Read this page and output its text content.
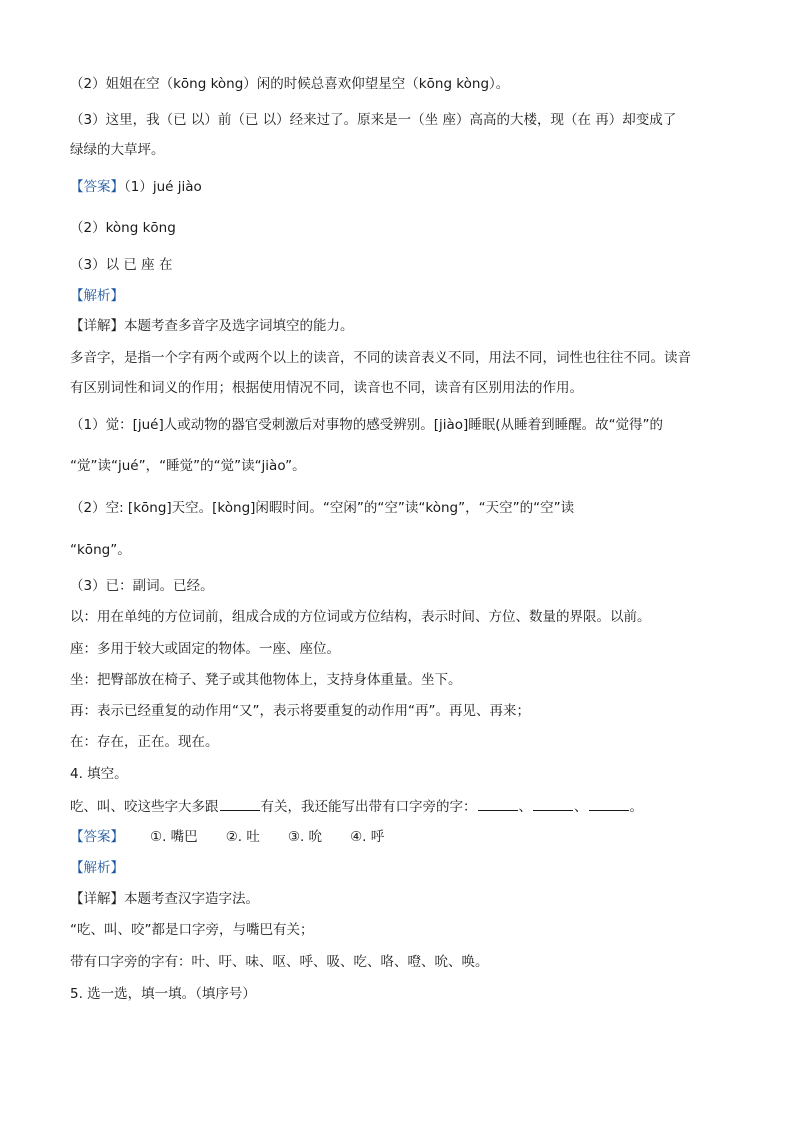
（2）姐姐在空（kōng kòng）闲的时候总喜欢仰望星空（kōng kòng）。
（3）这里，我（已 以）前（已 以）经来过了。原来是一（坐 座）高高的大楼，现（在 再）却变成了
绿绿的大草坪。
【答案】（1）jué jiào
（2）kòng kōng
（3）以 已 座 在
【解析】
【详解】本题考查多音字及选字词填空的能力。
多音字，是指一个字有两个或两个以上的读音，不同的读音表义不同，用法不同，词性也往往不同。读音
有区别词性和词义的作用；根据使用情况不同，读音也不同，读音有区别用法的作用。
（1）觉：[jué]人或动物的器官受刺激后对事物的感受辨别。[jiào]睡眠(从睡着到睡醒。故“觉得”的
“觉”读“jué”，“睡觉”的“觉”读“jiào”。
（2）空: [kōng]天空。[kòng]闲暇时间。“空闲”的“空”读“kòng”，“天空”的“空”读
“kōng”。
（3）已：副词。已经。
以：用在单纯的方位词前，组成合成的方位词或方位结构，表示时间、方位、数量的界限。以前。
座：多用于较大或固定的物体。一座、座位。
坐：把臀部放在椅子、凳子或其他物体上，支持身体重量。坐下。
再：表示已经重复的动作用“又”，表示将要重复的动作用“再”。再见、再来；
在：存在，正在。现在。
4. 填空。
吃、叫、咬这些字大多跟	有关，我还能写出带有口字旁的字：	、	、	。
【答案】 ①. 嘴巴 ②. 吐 ③. 吮 ④. 呼
【解析】
【详解】本题考查汉字造字法。
“吃、叫、咬”都是口字旁，与嘴巴有关；
带有口字旁的字有：叶、吁、味、呕、呼、吸、吃、咯、噔、吮、唤。
5. 选一选，填一填。（填序号）
